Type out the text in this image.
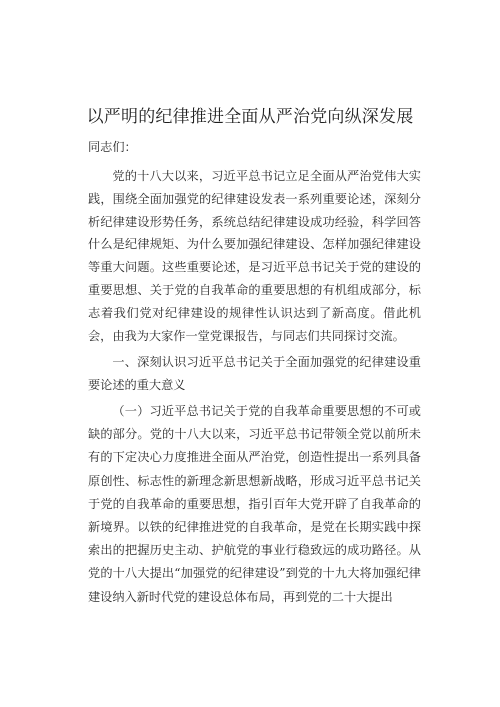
以严明的纪律推进全面从严治党向纵深发展
同志们：
党的十八大以来，习近平总书记立足全面从严治党伟大实践，围绕全面加强党的纪律建设发表一系列重要论述，深刻分析纪律建设形势任务，系统总结纪律建设成功经验，科学回答什么是纪律规矩、为什么要加强纪律建设、怎样加强纪律建设等重大问题。这些重要论述，是习近平总书记关于党的建设的重要思想、关于党的自我革命的重要思想的有机组成部分，标志着我们党对纪律建设的规律性认识达到了新高度。借此机会，由我为大家作一堂党课报告，与同志们共同探讨交流。
一、深刻认识习近平总书记关于全面加强党的纪律建设重要论述的重大意义
（一）习近平总书记关于党的自我革命重要思想的不可或缺的部分。党的十八大以来，习近平总书记带领全党以前所未有的下定决心力度推进全面从严治党，创造性提出一系列具备原创性、标志性的新理念新思想新战略，形成习近平总书记关于党的自我革命的重要思想，指引百年大党开辟了自我革命的新境界。以铁的纪律推进党的自我革命，是党在长期实践中探索出的把握历史主动、护航党的事业行稳致远的成功路径。从党的十八大提出“加强党的纪律建设”到党的十九大将加强纪律建设纳入新时代党的建设总体布局，再到党的二十大提出
